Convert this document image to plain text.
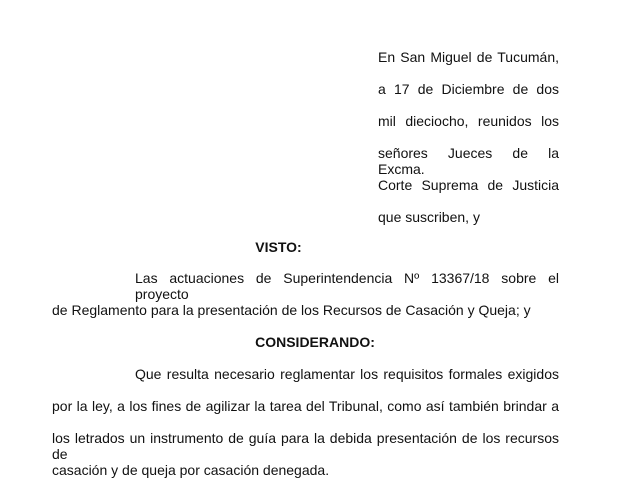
En San Miguel de Tucumán,
a 17 de Diciembre de dos
mil dieciocho, reunidos los
señores Jueces de la Excma.
Corte Suprema de Justicia
que suscriben, y
VISTO:
Las actuaciones de Superintendencia Nº 13367/18 sobre el proyecto
de Reglamento para la presentación de los Recursos de Casación y Queja; y
CONSIDERANDO:
Que resulta necesario reglamentar los requisitos formales exigidos
por la ley, a los fines de agilizar la tarea del Tribunal, como así también brindar a
los letrados un instrumento de guía para la debida presentación de los recursos de
casación y de queja por casación denegada.
